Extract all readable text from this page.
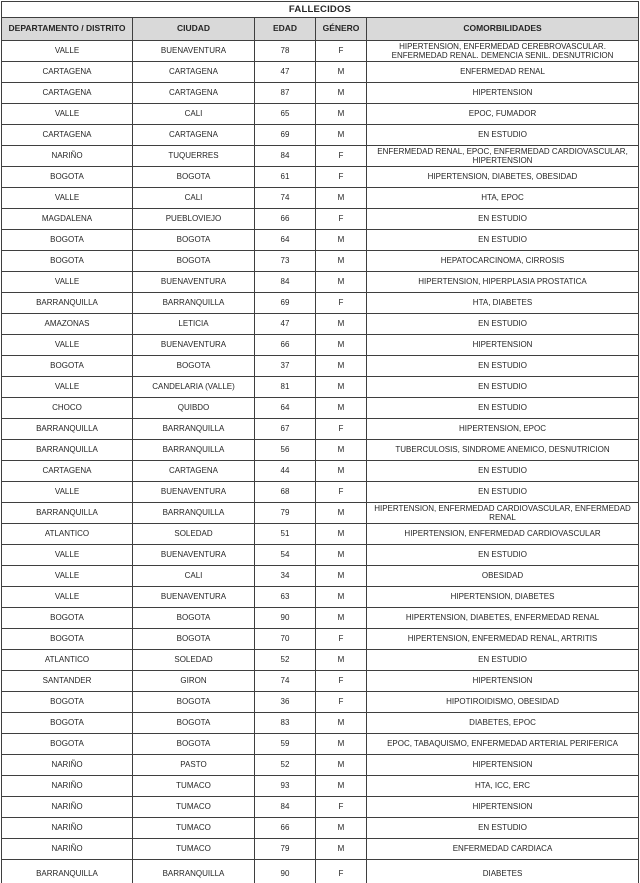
FALLECIDOS				
DEPARTAMENTO / DISTRITO	CIUDAD	EDAD	GÉNERO	COMORBILIDADES
VALLE	BUENAVENTURA	78	F	HIPERTENSION, ENFERMEDAD CEREBROVASCULAR. ENFERMEDAD RENAL. DEMENCIA SENIL. DESNUTRICION
CARTAGENA	CARTAGENA	47	M	ENFERMEDAD RENAL
CARTAGENA	CARTAGENA	87	M	HIPERTENSION
VALLE	CALI	65	M	EPOC, FUMADOR
CARTAGENA	CARTAGENA	69	M	EN ESTUDIO
NARIÑO	TUQUERRES	84	F	ENFERMEDAD RENAL, EPOC, ENFERMEDAD CARDIOVASCULAR, HIPERTENSION
BOGOTA	BOGOTA	61	F	HIPERTENSION, DIABETES, OBESIDAD
VALLE	CALI	74	M	HTA, EPOC
MAGDALENA	PUEBLOVIEJO	66	F	EN ESTUDIO
BOGOTA	BOGOTA	64	M	EN ESTUDIO
BOGOTA	BOGOTA	73	M	HEPATOCARCINOMA, CIRROSIS
VALLE	BUENAVENTURA	84	M	HIPERTENSION, HIPERPLASIA PROSTATICA
BARRANQUILLA	BARRANQUILLA	69	F	HTA, DIABETES
AMAZONAS	LETICIA	47	M	EN ESTUDIO
VALLE	BUENAVENTURA	66	M	HIPERTENSION
BOGOTA	BOGOTA	37	M	EN ESTUDIO
VALLE	CANDELARIA (VALLE)	81	M	EN ESTUDIO
CHOCO	QUIBDO	64	M	EN ESTUDIO
BARRANQUILLA	BARRANQUILLA	67	F	HIPERTENSION, EPOC
BARRANQUILLA	BARRANQUILLA	56	M	TUBERCULOSIS, SINDROME ANEMICO, DESNUTRICION
CARTAGENA	CARTAGENA	44	M	EN ESTUDIO
VALLE	BUENAVENTURA	68	F	EN ESTUDIO
BARRANQUILLA	BARRANQUILLA	79	M	HIPERTENSION, ENFERMEDAD CARDIOVASCULAR, ENFERMEDAD RENAL
ATLANTICO	SOLEDAD	51	M	HIPERTENSION, ENFERMEDAD CARDIOVASCULAR
VALLE	BUENAVENTURA	54	M	EN ESTUDIO
VALLE	CALI	34	M	OBESIDAD
VALLE	BUENAVENTURA	63	M	HIPERTENSION, DIABETES
BOGOTA	BOGOTA	90	M	HIPERTENSION, DIABETES, ENFERMEDAD RENAL
BOGOTA	BOGOTA	70	F	HIPERTENSION, ENFERMEDAD RENAL, ARTRITIS
ATLANTICO	SOLEDAD	52	M	EN ESTUDIO
SANTANDER	GIRON	74	F	HIPERTENSION
BOGOTA	BOGOTA	36	F	HIPOTIROIDISMO, OBESIDAD
BOGOTA	BOGOTA	83	M	DIABETES, EPOC
BOGOTA	BOGOTA	59	M	EPOC, TABAQUISMO, ENFERMEDAD ARTERIAL PERIFERICA
NARIÑO	PASTO	52	M	HIPERTENSION
NARIÑO	TUMACO	93	M	HTA, ICC, ERC
NARIÑO	TUMACO	84	F	HIPERTENSION
NARIÑO	TUMACO	66	M	EN ESTUDIO
NARIÑO	TUMACO	79	M	ENFERMEDAD CARDIACA
BARRANQUILLA	BARRANQUILLA	90	F	DIABETES
